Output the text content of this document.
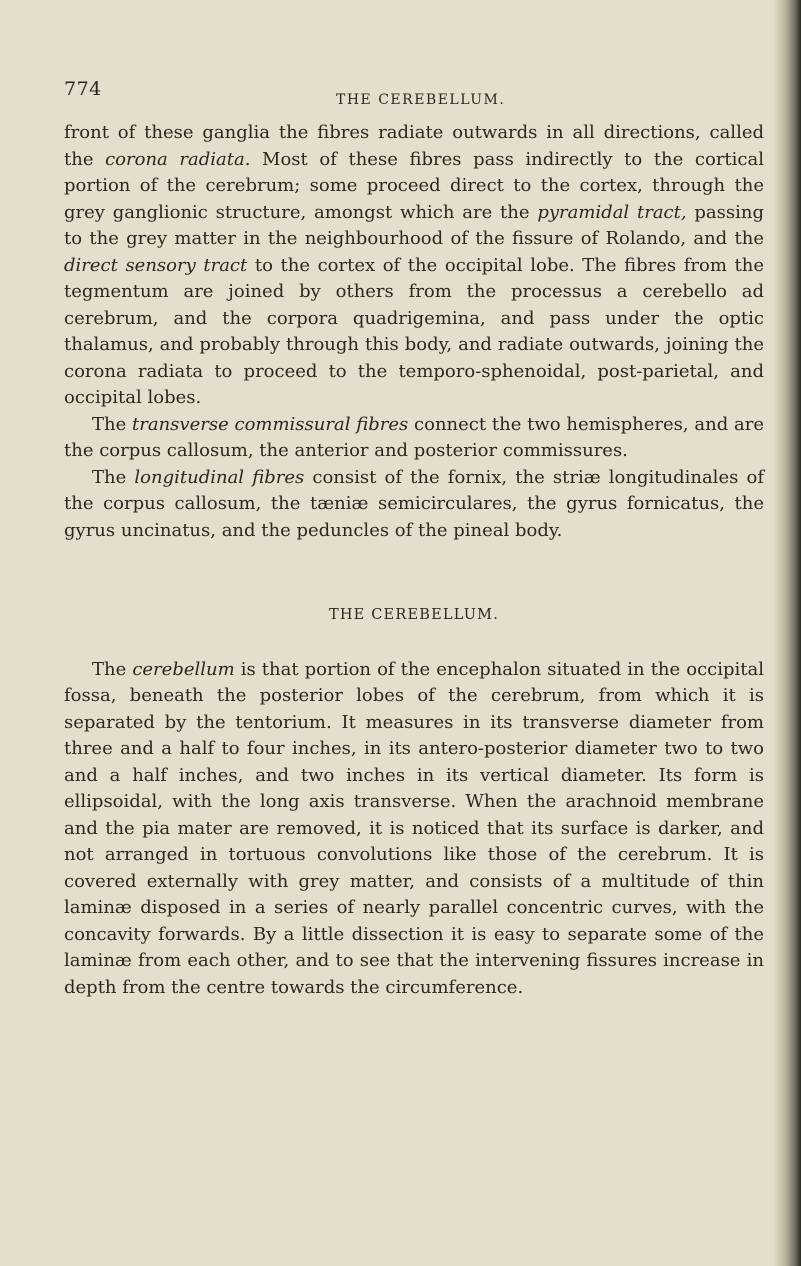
774	THE CEREBELLUM.

front of these ganglia the fibres radiate outwards in all directions, called the corona radiata. Most of these fibres pass indirectly to the cortical portion of the cerebrum; some proceed direct to the cortex, through the grey ganglionic structure, amongst which are the pyramidal tract, passing to the grey matter in the neighbourhood of the fissure of Rolando, and the direct sensory tract to the cortex of the occipital lobe. The fibres from the tegmentum are joined by others from the processus a cerebello ad cerebrum, and the corpora quadrigemina, and pass under the optic thalamus, and probably through this body, and radiate outwards, joining the corona radiata to proceed to the temporo-sphenoidal, post-parietal, and occipital lobes.

The transverse commissural fibres connect the two hemispheres, and are the corpus callosum, the anterior and posterior commissures.

The longitudinal fibres consist of the fornix, the striæ longitudinales of the corpus callosum, the tæniæ semicirculares, the gyrus fornicatus, the gyrus uncinatus, and the peduncles of the pineal body.

THE CEREBELLUM.

The cerebellum is that portion of the encephalon situated in the occipital fossa, beneath the posterior lobes of the cerebrum, from which it is separated by the tentorium. It measures in its transverse diameter from three and a half to four inches, in its antero-posterior diameter two to two and a half inches, and two inches in its vertical diameter. Its form is ellipsoidal, with the long axis transverse. When the arachnoid membrane and the pia mater are removed, it is noticed that its surface is darker, and not arranged in tortuous convolutions like those of the cerebrum. It is covered externally with grey matter, and consists of a multitude of thin laminæ disposed in a series of nearly parallel concentric curves, with the concavity forwards. By a little dissection it is easy to separate some of the laminæ from each other, and to see that the intervening fissures increase in depth from the centre towards the circumference.
